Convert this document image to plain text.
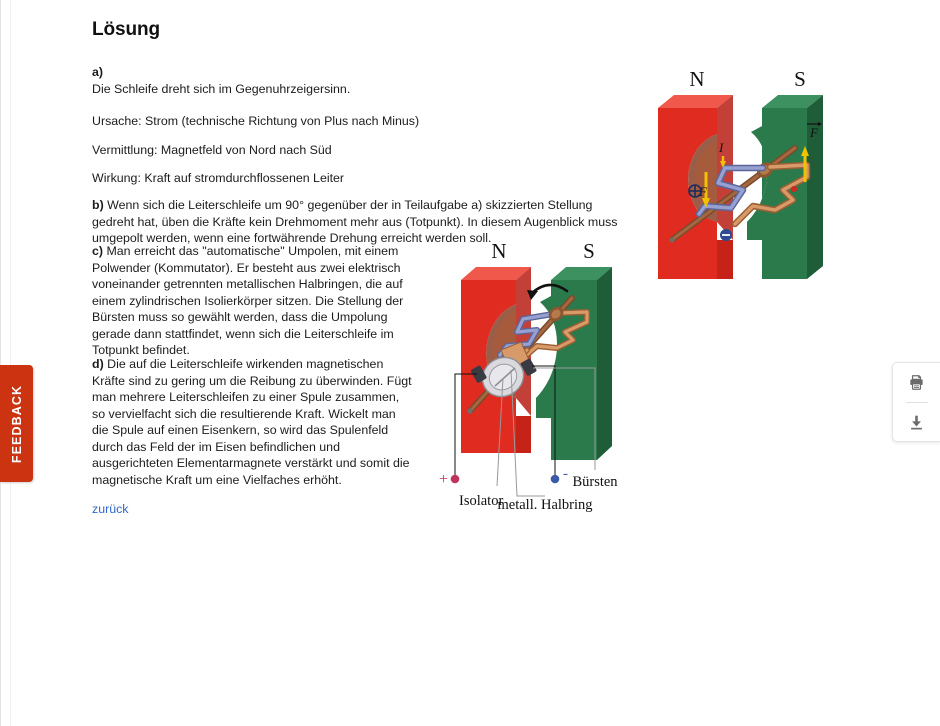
FEEDBACK
Lösung

a)
Die Schleife dreht sich im Gegenuhrzeigersinn.

Ursache: Strom (technische Richtung von Plus nach Minus)

Vermittlung: Magnetfeld von Nord nach Süd

Wirkung: Kraft auf stromdurchflossenen Leiter

b) Wenn sich die Leiterschleife um 90° gegenüber der in Teilaufgabe a) skizzierten Stellung gedreht hat, üben die Kräfte kein Drehmoment mehr aus (Totpunkt). In diesem Augenblick muss umgepolt werden, wenn eine fortwährende Drehung erreicht werden soll.

c) Man erreicht das "automatische" Umpolen, mit einem Polwender (Kommutator). Er besteht aus zwei elektrisch voneinander getrennten metallischen Halbringen, die auf einem zylindrischen Isolierkörper sitzen. Die Stellung der Bürsten muss so gewählt werden, dass die Umpolung gerade dann stattfindet, wenn sich die Leiterschleife im Totpunkt befindet.

d) Die auf die Leiterschleife wirkenden magnetischen Kräfte sind zu gering um die Reibung zu überwinden. Fügt man mehrere Leiterschleifen zu einer Spule zusammen, so vervielfacht sich die resultierende Kraft. Wickelt man die Spule auf einen Eisenkern, so wird das Spulenfeld durch das Feld der im Eisen befindlichen und ausgerichteten Elementarmagnete verstärkt und somit die magnetische Kraft um eine Vielfaches erhöht.

zurück
N	S
F
F
I
N	S
+	-
Isolator
metall. Halbring
Bürsten
